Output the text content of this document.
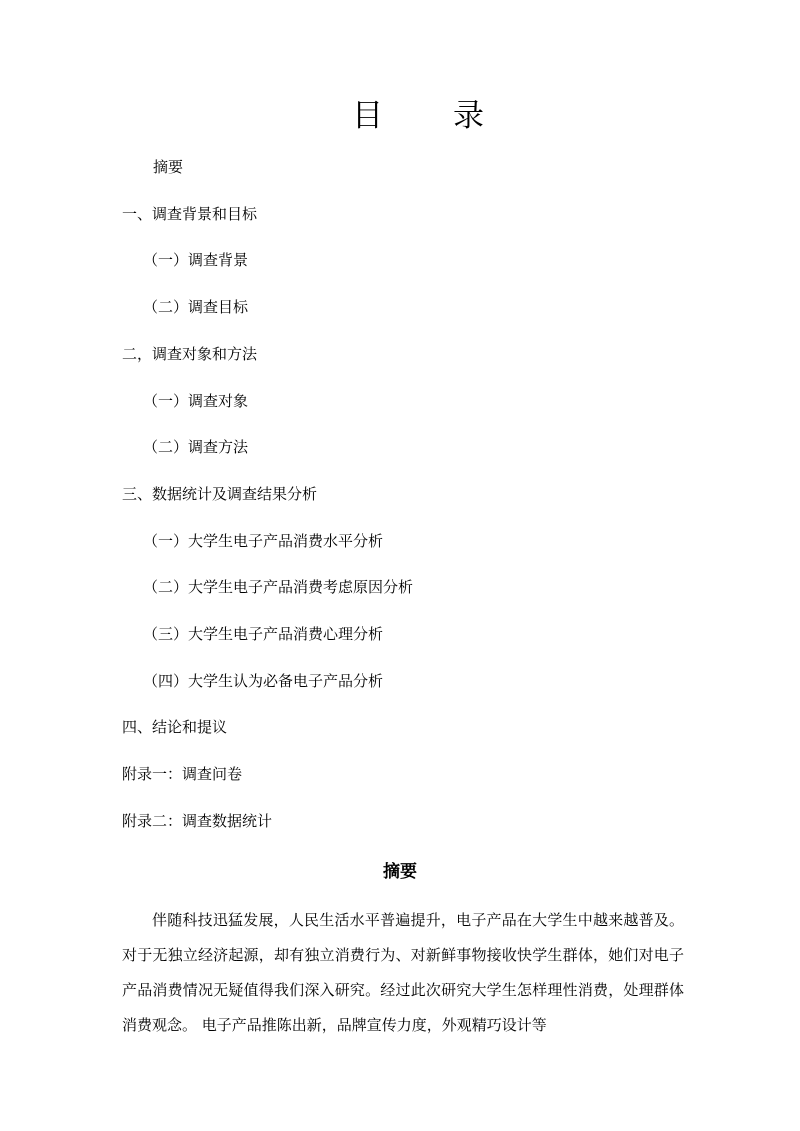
目 录
摘要
一、调查背景和目标
（一）调查背景
（二）调查目标
二，调查对象和方法
（一）调查对象
（二）调查方法
三、数据统计及调查结果分析
（一）大学生电子产品消费水平分析
（二）大学生电子产品消费考虑原因分析
（三）大学生电子产品消费心理分析
（四）大学生认为必备电子产品分析
四、结论和提议
附录一：调查问卷
附录二：调查数据统计
摘要

伴随科技迅猛发展，人民生活水平普遍提升，电子产品在大学生中越来越普及。对于无独立经济起源，却有独立消费行为、对新鲜事物接收快学生群体，她们对电子产品消费情况无疑值得我们深入研究。经过此次研究大学生怎样理性消费，处理群体消费观念。 电子产品推陈出新，品牌宣传力度，外观精巧设计等
